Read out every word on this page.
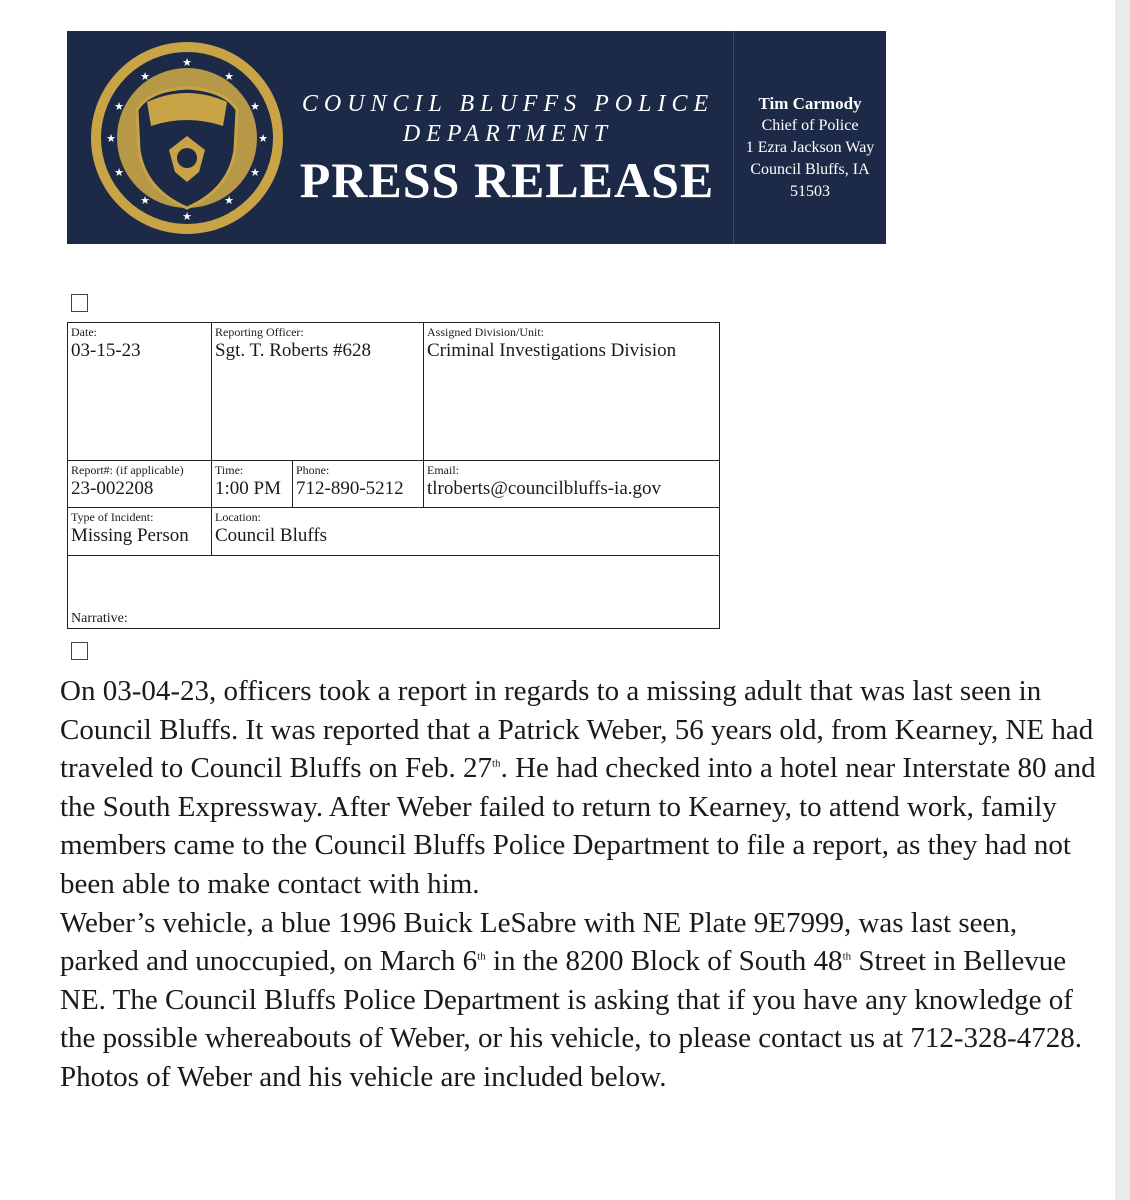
★
★
★
★
★
★
★
★
★
★
★
★
COUNCIL BLUFFS POLICE
DEPARTMENT
PRESS RELEASE
Tim Carmody
Chief of Police
1 Ezra Jackson Way
Council Bluffs, IA
51503
Date:
03-15-23	Reporting Officer:
Sgt. T. Roberts #628		Assigned Division/Unit:
Criminal Investigations Division

Report#: (if applicable)
23-002208	Time:
1:00 PM	Phone:
712-890-5212	Email:
tlroberts@councilbluffs-ia.gov

Type of Incident:
Missing Person	Location:
Council Bluffs		

Narrative:			

On 03-04-23, officers took a report in regards to a missing adult that was last seen in Council Bluffs. It was reported that a Patrick Weber, 56 years old, from Kearney, NE had traveled to Council Bluffs on Feb. 27th. He had checked into a hotel near Interstate 80 and the South Expressway. After Weber failed to return to Kearney, to attend work, family members came to the Council Bluffs Police Department to file a report, as they had not been able to make contact with him.

Weber’s vehicle, a blue 1996 Buick LeSabre with NE Plate 9E7999, was last seen, parked and unoccupied, on March 6th in the 8200 Block of South 48th Street in Bellevue NE. The Council Bluffs Police Department is asking that if you have any knowledge of the possible whereabouts of Weber, or his vehicle, to please contact us at 712-328-4728.

Photos of Weber and his vehicle are included below.
